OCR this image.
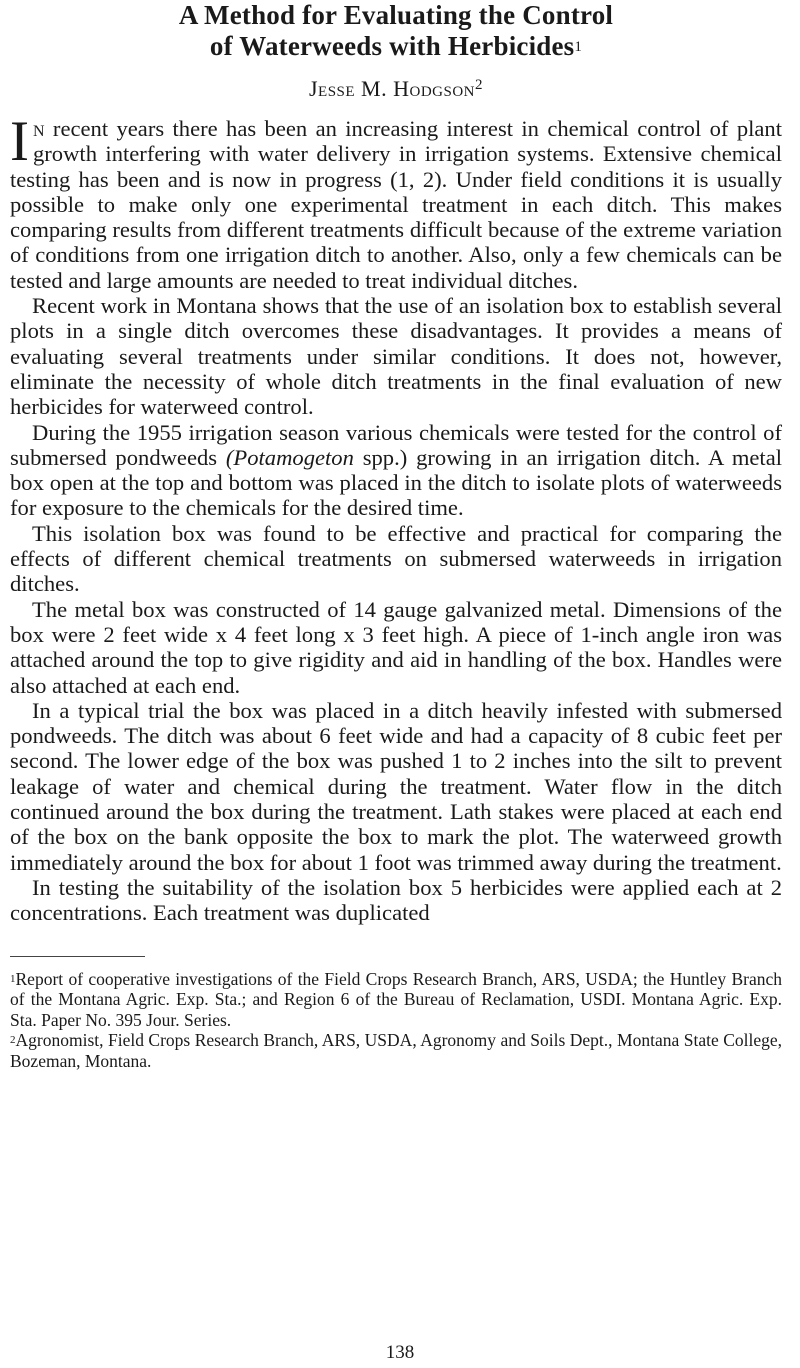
A Method for Evaluating the Control
of Waterweeds with Herbicides$^1$
Jesse M. Hodgson$^2$

In recent years there has been an increasing interest in chemical control of plant growth interfering with water delivery in irrigation systems. Extensive chemical testing has been and is now in progress (1, 2). Under field conditions it is usually possible to make only one experimental treatment in each ditch. This makes comparing results from different treatments difficult because of the extreme variation of conditions from one irrigation ditch to another. Also, only a few chemicals can be tested and large amounts are needed to treat individual ditches.

Recent work in Montana shows that the use of an isolation box to establish several plots in a single ditch overcomes these disadvantages. It provides a means of evaluating several treatments under similar conditions. It does not, however, eliminate the necessity of whole ditch treatments in the final evaluation of new herbicides for waterweed control.

During the 1955 irrigation season various chemicals were tested for the control of submersed pondweeds (Potamogeton spp.) growing in an irrigation ditch. A metal box open at the top and bottom was placed in the ditch to isolate plots of waterweeds for exposure to the chemicals for the desired time.

This isolation box was found to be effective and practical for comparing the effects of different chemical treatments on submersed waterweeds in irrigation ditches.

The metal box was constructed of 14 gauge galvanized metal. Dimensions of the box were 2 feet wide x 4 feet long x 3 feet high. A piece of 1-inch angle iron was attached around the top to give rigidity and aid in handling of the box. Handles were also attached at each end.

In a typical trial the box was placed in a ditch heavily infested with submersed pondweeds. The ditch was about 6 feet wide and had a capacity of 8 cubic feet per second. The lower edge of the box was pushed 1 to 2 inches into the silt to prevent leakage of water and chemical during the treatment. Water flow in the ditch continued around the box during the treatment. Lath stakes were placed at each end of the box on the bank opposite the box to mark the plot. The waterweed growth immediately around the box for about 1 foot was trimmed away during the treatment.

In testing the suitability of the isolation box 5 herbicides were applied each at 2 concentrations. Each treatment was duplicated

$^1$Report of cooperative investigations of the Field Crops Research Branch, ARS, USDA; the Huntley Branch of the Montana Agric. Exp. Sta.; and Region 6 of the Bureau of Reclamation, USDI. Montana Agric. Exp. Sta. Paper No. 395 Jour. Series.

$^2$Agronomist, Field Crops Research Branch, ARS, USDA, Agronomy and Soils Dept., Montana State College, Bozeman, Montana.

138
